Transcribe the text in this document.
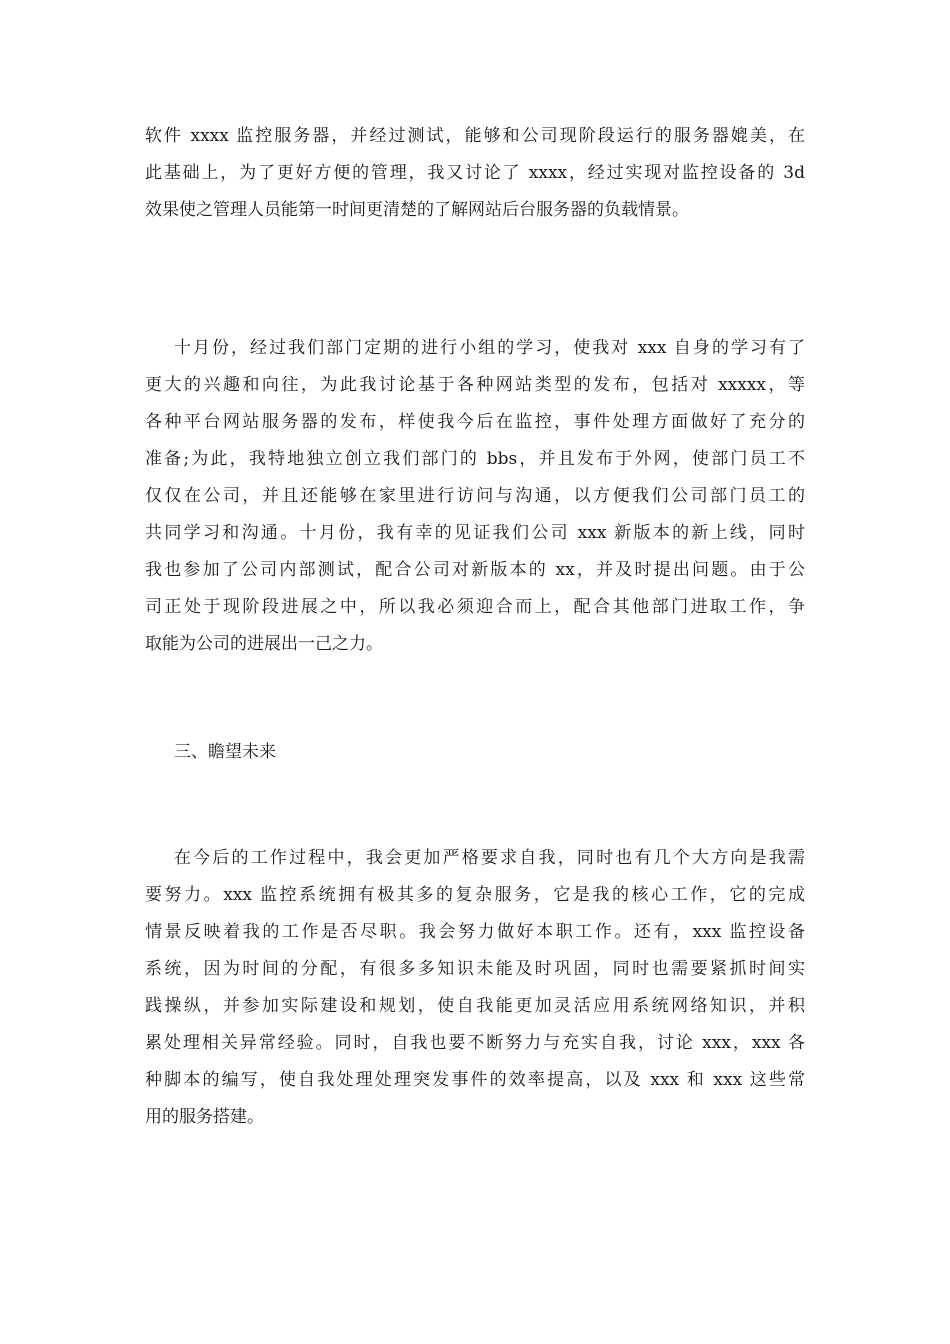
软件 xxxx 监控服务器，并经过测试，能够和公司现阶段运行的服务器媲美，在
此基础上，为了更好方便的管理，我又讨论了 xxxx，经过实现对监控设备的 3d
效果使之管理人员能第一时间更清楚的了解网站后台服务器的负载情景。
十月份，经过我们部门定期的进行小组的学习，使我对 xxx 自身的学习有了
更大的兴趣和向往，为此我讨论基于各种网站类型的发布，包括对 xxxxx，等
各种平台网站服务器的发布，样使我今后在监控，事件处理方面做好了充分的
准备;为此，我特地独立创立我们部门的 bbs，并且发布于外网，使部门员工不
仅仅在公司，并且还能够在家里进行访问与沟通，以方便我们公司部门员工的
共同学习和沟通。十月份，我有幸的见证我们公司 xxx 新版本的新上线，同时
我也参加了公司内部测试，配合公司对新版本的 xx，并及时提出问题。由于公
司正处于现阶段进展之中，所以我必须迎合而上，配合其他部门进取工作，争
取能为公司的进展出一己之力。
三、瞻望未来
在今后的工作过程中，我会更加严格要求自我，同时也有几个大方向是我需
要努力。xxx 监控系统拥有极其多的复杂服务，它是我的核心工作，它的完成
情景反映着我的工作是否尽职。我会努力做好本职工作。还有，xxx 监控设备
系统，因为时间的分配，有很多多知识未能及时巩固，同时也需要紧抓时间实
践操纵，并参加实际建设和规划，使自我能更加灵活应用系统网络知识，并积
累处理相关异常经验。同时，自我也要不断努力与充实自我，讨论 xxx，xxx 各
种脚本的编写，使自我处理处理突发事件的效率提高，以及 xxx 和 xxx 这些常
用的服务搭建。
